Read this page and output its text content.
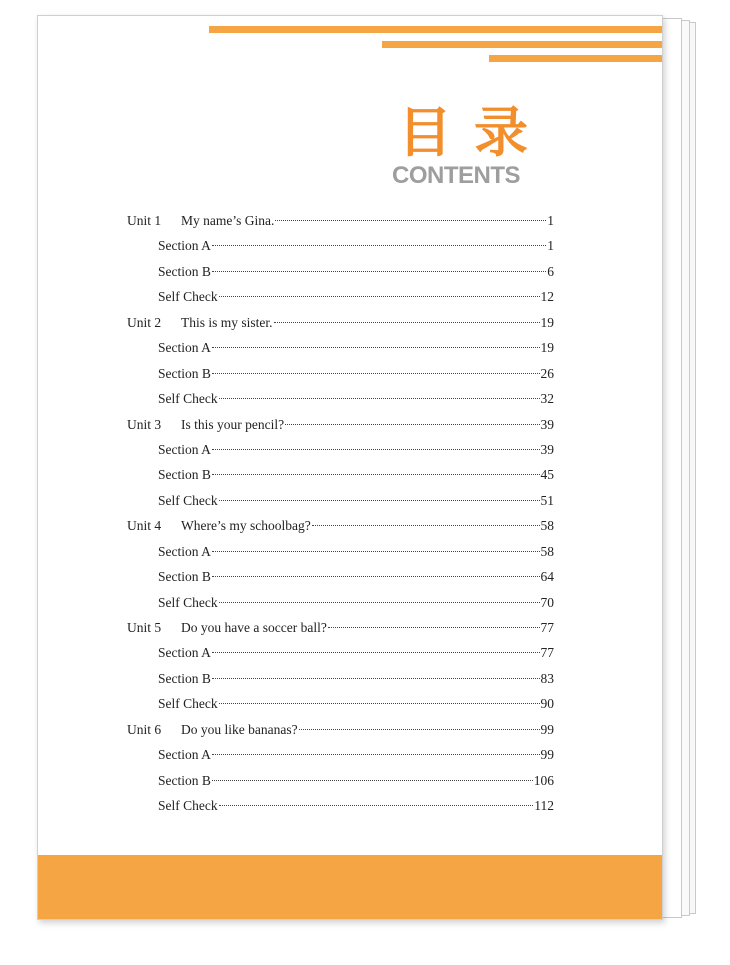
目录
CONTENTS
Unit 1	My name’s Gina.	1
Section A	1
Section B	6
Self Check	12
Unit 2	This is my sister.	19
Section A	19
Section B	26
Self Check	32
Unit 3	Is this your pencil?	39
Section A	39
Section B	45
Self Check	51
Unit 4	Where’s my schoolbag?	58
Section A	58
Section B	64
Self Check	70
Unit 5	Do you have a soccer ball?	77
Section A	77
Section B	83
Self Check	90
Unit 6	Do you like bananas?	99
Section A	99
Section B	106
Self Check	112
